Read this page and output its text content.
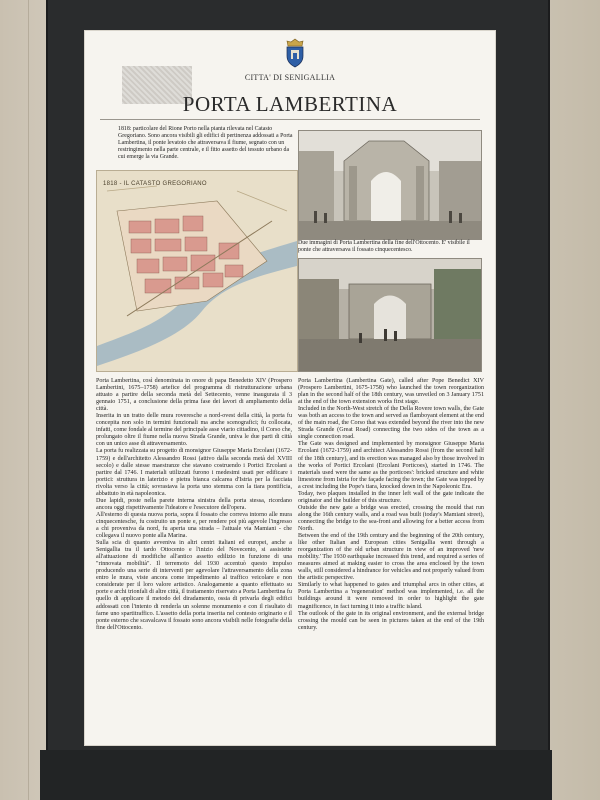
CITTA' DI SENIGALLIA
PORTA LAMBERTINA
1818: particolare del Rione Porto nella pianta rilevata nel Catasto Gregoriano. Sono ancora visibili gli edifici di pertinenza addossati a Porta Lambertina, il ponte levatoio che attraversava il fiume, segnato con un restringimento nella parte centrale, e il fitto assetto del tessuto urbano da cui emerge la via Grande.
1818 - IL CATASTO GREGORIANO
Due immagini di Porta Lambertina della fine dell'Ottocento. E' visibile il ponte che attraversava il fossato cinquecentesco.

Porta Lambertina, così denominata in onore di papa Benedetto XIV (Prospero Lambertini, 1675–1758) artefice del programma di ristrutturazione urbana attuato a partire della seconda metà del Settecento, venne inaugurata il 3 gennaio 1751, a conclusione della prima fase dei lavori di ampliamento della città.

Inserita in un tratto delle mura roveresche a nord-ovest della città, la porta fu concepita non solo in termini funzionali ma anche scenografici; fu collocata, infatti, come fondale al termine del principale asse viario cittadino, il Corso che, prolungato oltre il fiume nella nuova Strada Grande, univa le due parti di città con un unico asse di attraversamento.

La porta fu realizzata su progetto di monsignor Giuseppe Maria Ercolani (1672-1759) e dell'architetto Alessandro Rossi (attivo dalla seconda metà del XVIII secolo) e dalle stesse maestranze che stavano costruendo i Portici Ercolani a partire dal 1746. I materiali utilizzati furono i medesimi usati per edificare i portici: struttura in laterizio e pietra bianca calcarea d'Istria per la facciata rivolta verso la città; sovrastava la porta uno stemma con la tiara pontificia, abbattuto in età napoleonica.

Due lapidi, poste nella parete interna sinistra della porta stessa, ricordano ancora oggi rispettivamente l'ideatore e l'esecutore dell'opera.

All'esterno di questa nuova porta, sopra il fossato che correva intorno alle mura cinquecentesche, fu costruito un ponte e, per rendere poi più agevole l'ingresso a chi proveniva da nord, fu aperta una strada – l'attuale via Mamiani - che collegava il nuovo ponte alla Marina.

Sulla scia di quanto avveniva in altri centri italiani ed europei, anche a Senigallia tra il tardo Ottocento e l'inizio del Novecento, si assistette all'attuazione di modifiche all'antico assetto edilizio in funzione di una "rinnovata mobilità". Il terremoto del 1930 accentuò questo impulso producendo una serie di interventi per agevolare l'attraversamento della zona entro le mura, viste ancora come impedimento al traffico veicolare e non considerate per il loro valore artistico. Analogamente a quanto effettuato su porte e archi trionfali di altre città, il trattamento riservato a Porta Lambertina fu quello di applicare il metodo del diradamento, ossia di privarla degli edifici addossati con l'intento di renderla un solenne monumento e con il risultato di farne uno spartitraffico. L'assetto della porta inserita nel contesto originario e il ponte esterno che scavalcava il fossato sono ancora visibili nelle fotografie della fine dell'Ottocento.

Porta Lambertina (Lambertina Gate), called after Pope Benedict XIV (Prospero Lambertini, 1675-1758) who launched the town reorganization plan in the second half of the 18th century, was unveiled on 3 January 1751 at the end of the town extension works first stage.

Included in the North-West stretch of the Della Rovere town walls, the Gate was both an access to the town and served as flamboyant element at the end of the main road, the Corso that was extended beyond the river into the new Strada Grande (Great Road) connecting the two sides of the town as a single connection road.

The Gate was designed and implemented by monsignor Giuseppe Maria Ercolani (1672-1759) and architect Alessandro Rossi (from the second half of the 18th century), and its erection was managed also by those involved in the works of Portici Ercolani (Ercolani Porticoes), started in 1746. The materials used were the same as the porticoes': bricked structure and white limestone from Istria for the façade facing the town; the Gate was topped by a crest including the Pope's tiara, knocked down in the Napoleonic Era.

Today, two plaques installed in the inner left wall of the gate indicate the originator and the builder of this structure.

Outside the new gate a bridge was erected, crossing the mould that run along the 16th century walls, and a road was built (today's Mamiani street), connecting the bridge to the sea-front and allowing for a better access from North.

Between the end of the 19th century and the beginning of the 20th century, like other Italian and European cities Senigallia went through a reorganization of the old urban structure in view of an improved 'new mobility.' The 1930 earthquake increased this trend, and required a series of measures aimed at making easier to cross the area enclosed by the town walls, still considered a hindrance for vehicles and not properly valued from the artistic perspective.

Similarly to what happened to gates and triumphal arcs in other cities, at Porta Lambertina a 'regeneration' method was implemented, i.e. all the buildings around it were removed in order to highlight the gate magnificence, in fact turning it into a traffic island.

The outlook of the gate in its original environment, and the external bridge crossing the mould can be seen in pictures taken at the end of the 19th century.
